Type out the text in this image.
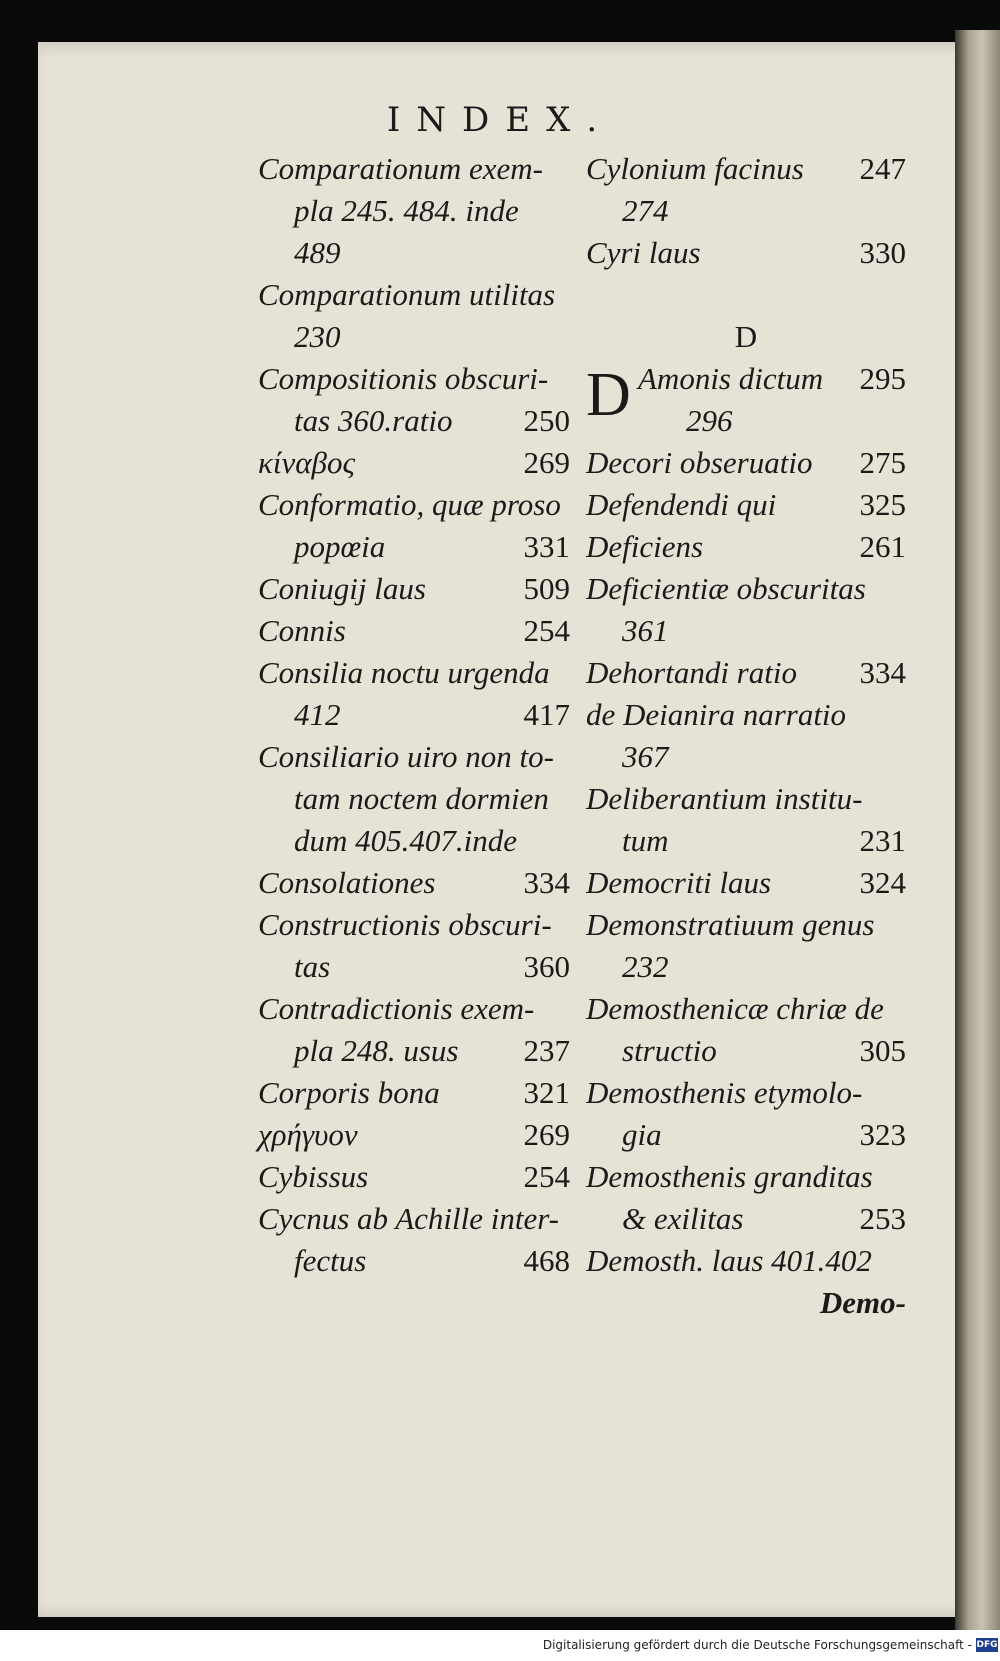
INDEX.
Comparationum exem-
pla 245. 484. inde
489
Comparationum utilitas
230
Compositionis obscuri-
tas 360.ratio 250
κίναβος	269
Conformatio, quæ proso
popœia	331
Coniugij laus	509
Connis	254
Consilia noctu urgenda
412	417
Consiliario uiro non to-
tam noctem dormien
dum 405.407.inde
Consolationes	334
Constructionis obscuri-
tas	360
Contradictionis exem-
pla 248. usus 237
Corporis bona	321
χρήγυον	269
Cybissus	254
Cycnus ab Achille inter-
fectus	468
Cylonium facinus 247
274
Cyri laus	330
D
D Amonis dictum 295
296
Decori obseruatio 275
Defendendi qui	325
Deficiens	261
Deficientiæ obscuritas
361
Dehortandi ratio 334
de Deianira narratio
367
Deliberantium institu-
tum	231
Democriti laus	324
Demonstratiuum genus
232
Demosthenicæ chriæ de
structio	305
Demosthenis etymolo-
gia	323
Demosthenis granditas
& exilitas	253
Demosth. laus 401.402
Demo-
Digitalisierung gefördert durch die Deutsche Forschungsgemeinschaft - DFG
